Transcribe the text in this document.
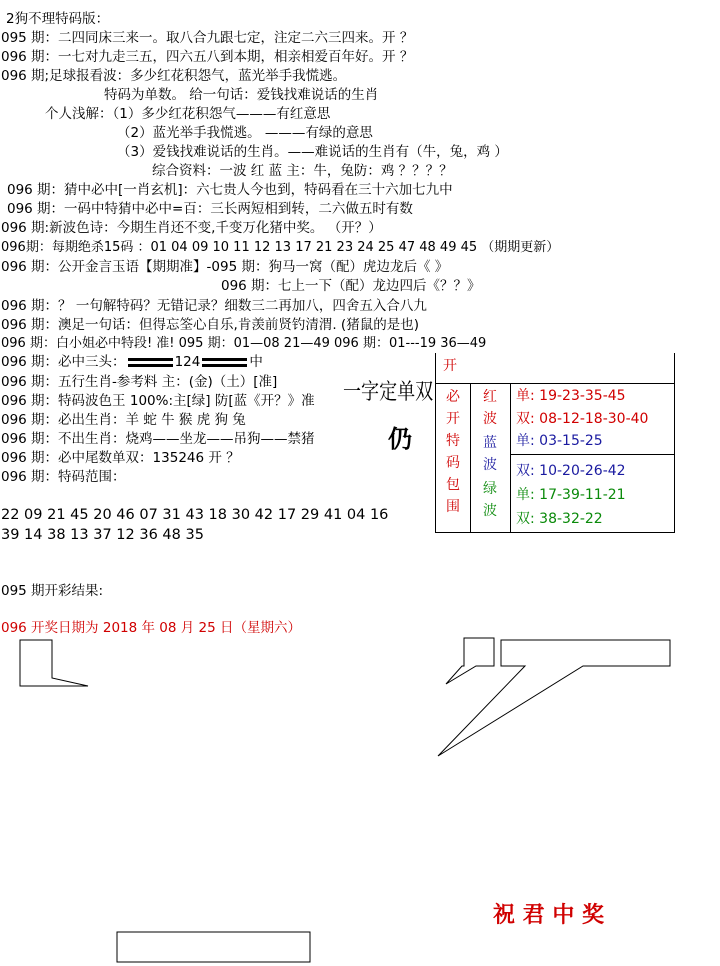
2狗不理特码版：
095 期：二四同床三来一。取八合九跟七定，注定二六三四来。开 ？
096 期：一七对九走三五，四六五八到本期，相亲相爱百年好。开 ？
096 期;足球报看波：多少红花积怨气，蓝光举手我慌逃。
特码为单数。 给一句话：爱钱找难说话的生肖
个人浅解：（1）多少红花积怨气———有红意思
（2）蓝光举手我慌逃。 ———有绿的意思
（3）爱钱找难说话的生肖。——难说话的生肖有（牛，兔，鸡 ）
综合资料：一波 红 蓝 主：牛，兔防：鸡 ？？？？
096 期：猜中必中[一肖玄机]：六七贵人今也到，特码看在三十六加七九中
096 期：一码中特猜中必中=百：三长两短相到转，二六做五时有数
096 期:新波色诗：今期生肖还不变,千变万化猪中奖。 （开？）
096期：每期绝杀15码 ：01 04 09 10 11 12 13 17 21 23 24 25 47 48 49 45 （期期更新）
096 期：公开金言玉语【期期准】-095 期：狗马一窝（配）虎边龙后《 》
096 期：七上一下（配）龙边四后《？？》
096 期：？ 一句解特码？无错记录？细数三二再加八，四舍五入合八九
096 期：澳足一句话：但得忘筌心自乐,肯羡前贤钓清渭. (猪鼠的是也)
096 期：白小姐必中特段! 准! 095 期：01—08 21—49 096 期：01---19 36—49
096 期：必中三头：	124	中
096 期：五行生肖-参考料 主：(金)（土）[准]
096 期：特码波色王 100%:主[绿] 防[蓝《开？》准
096 期：必出生肖：羊 蛇 牛 猴 虎 狗 兔
096 期：不出生肖：烧鸡——坐龙——吊狗——禁猪
096 期：必中尾数单双：135246 开 ？
096 期：特码范围：
22 09 21 45 20 46 07 31 43 18 30 42 17 29 41 04 16
39 14 38 13 37 12 36 48 35
095 期开彩结果:
096 开奖日期为 2018 年 08 月 25 日（星期六）
一字定单双
仍
开
必
开
特
码
包
围
红
波
蓝
波
绿
波
单: 19-23-35-45
双: 08-12-18-30-40
单: 03-15-25
双: 10-20-26-42
单: 17-39-11-21
双: 38-32-22
祝 君 中 奖
